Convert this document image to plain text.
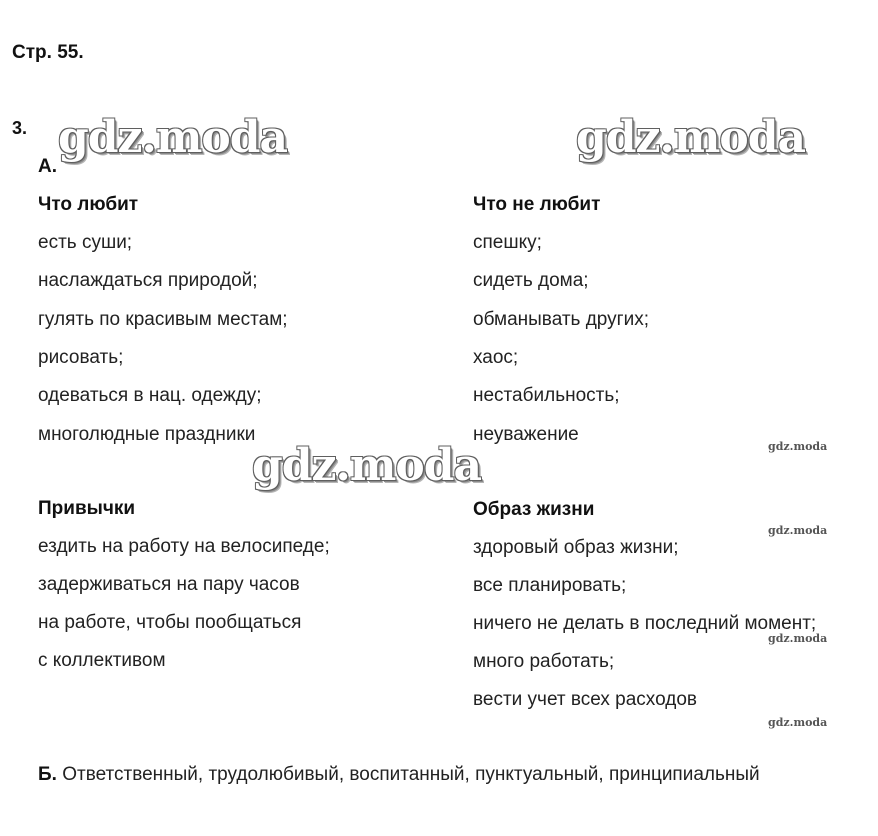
Стр. 55.
3.
А.
Что любит
есть суши;
наслаждаться природой;
гулять по красивым местам;
рисовать;
одеваться в нац. одежду;
многолюдные праздники
Что не любит
спешку;
сидеть дома;
обманывать других;
хаос;
нестабильность;
неуважение
Привычки
ездить на работу на велосипеде;
задерживаться на пару часов
на работе, чтобы пообщаться
с коллективом
Образ жизни
здоровый образ жизни;
все планировать;
ничего не делать в последний момент;
много работать;
вести учет всех расходов
Б. Ответственный, трудолюбивый, воспитанный, пунктуальный, принципиальный
gdz.moda	gdz.moda
gdz.moda	gdz.moda
gdz.moda
gdz.moda
gdz.moda
